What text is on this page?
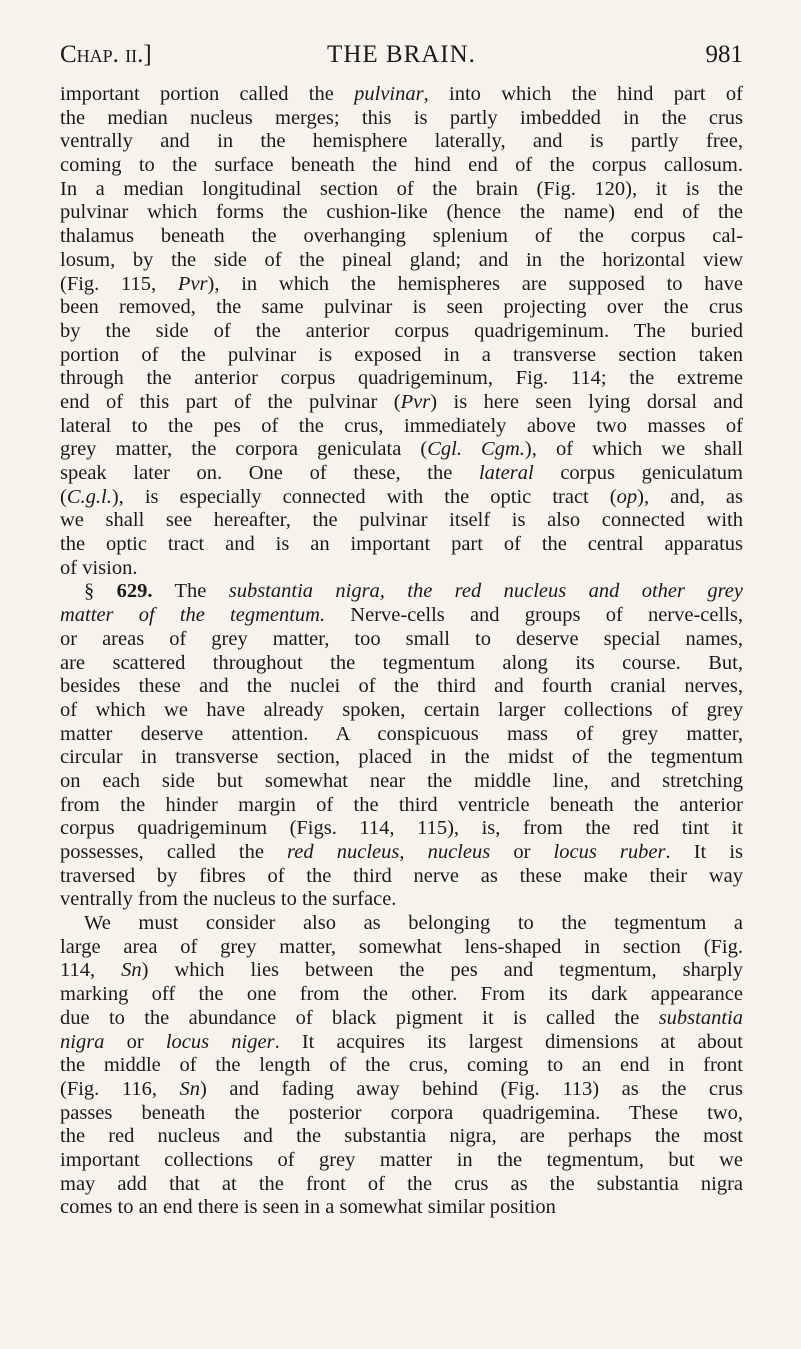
Chap. ii.]	THE BRAIN.	981
important portion called the pulvinar, into which the hind part of
the median nucleus merges; this is partly imbedded in the crus
ventrally and in the hemisphere laterally, and is partly free,
coming to the surface beneath the hind end of the corpus callosum.
In a median longitudinal section of the brain (Fig. 120), it is the
pulvinar which forms the cushion-like (hence the name) end of the
thalamus beneath the overhanging splenium of the corpus cal-
losum, by the side of the pineal gland; and in the horizontal view
(Fig. 115, Pvr), in which the hemispheres are supposed to have
been removed, the same pulvinar is seen projecting over the crus
by the side of the anterior corpus quadrigeminum. The buried
portion of the pulvinar is exposed in a transverse section taken
through the anterior corpus quadrigeminum, Fig. 114; the extreme
end of this part of the pulvinar (Pvr) is here seen lying dorsal and
lateral to the pes of the crus, immediately above two masses of
grey matter, the corpora geniculata (Cgl. Cgm.), of which we shall
speak later on. One of these, the lateral corpus geniculatum
(C.g.l.), is especially connected with the optic tract (op), and, as
we shall see hereafter, the pulvinar itself is also connected with
the optic tract and is an important part of the central apparatus
of vision.
§ 629. The substantia nigra, the red nucleus and other grey
matter of the tegmentum. Nerve-cells and groups of nerve-cells,
or areas of grey matter, too small to deserve special names,
are scattered throughout the tegmentum along its course. But,
besides these and the nuclei of the third and fourth cranial nerves,
of which we have already spoken, certain larger collections of grey
matter deserve attention. A conspicuous mass of grey matter,
circular in transverse section, placed in the midst of the tegmentum
on each side but somewhat near the middle line, and stretching
from the hinder margin of the third ventricle beneath the anterior
corpus quadrigeminum (Figs. 114, 115), is, from the red tint it
possesses, called the red nucleus, nucleus or locus ruber. It is
traversed by fibres of the third nerve as these make their way
ventrally from the nucleus to the surface.
We must consider also as belonging to the tegmentum a
large area of grey matter, somewhat lens-shaped in section (Fig.
114, Sn) which lies between the pes and tegmentum, sharply
marking off the one from the other. From its dark appearance
due to the abundance of black pigment it is called the substantia
nigra or locus niger. It acquires its largest dimensions at about
the middle of the length of the crus, coming to an end in front
(Fig. 116, Sn) and fading away behind (Fig. 113) as the crus
passes beneath the posterior corpora quadrigemina. These two,
the red nucleus and the substantia nigra, are perhaps the most
important collections of grey matter in the tegmentum, but we
may add that at the front of the crus as the substantia nigra
comes to an end there is seen in a somewhat similar position
